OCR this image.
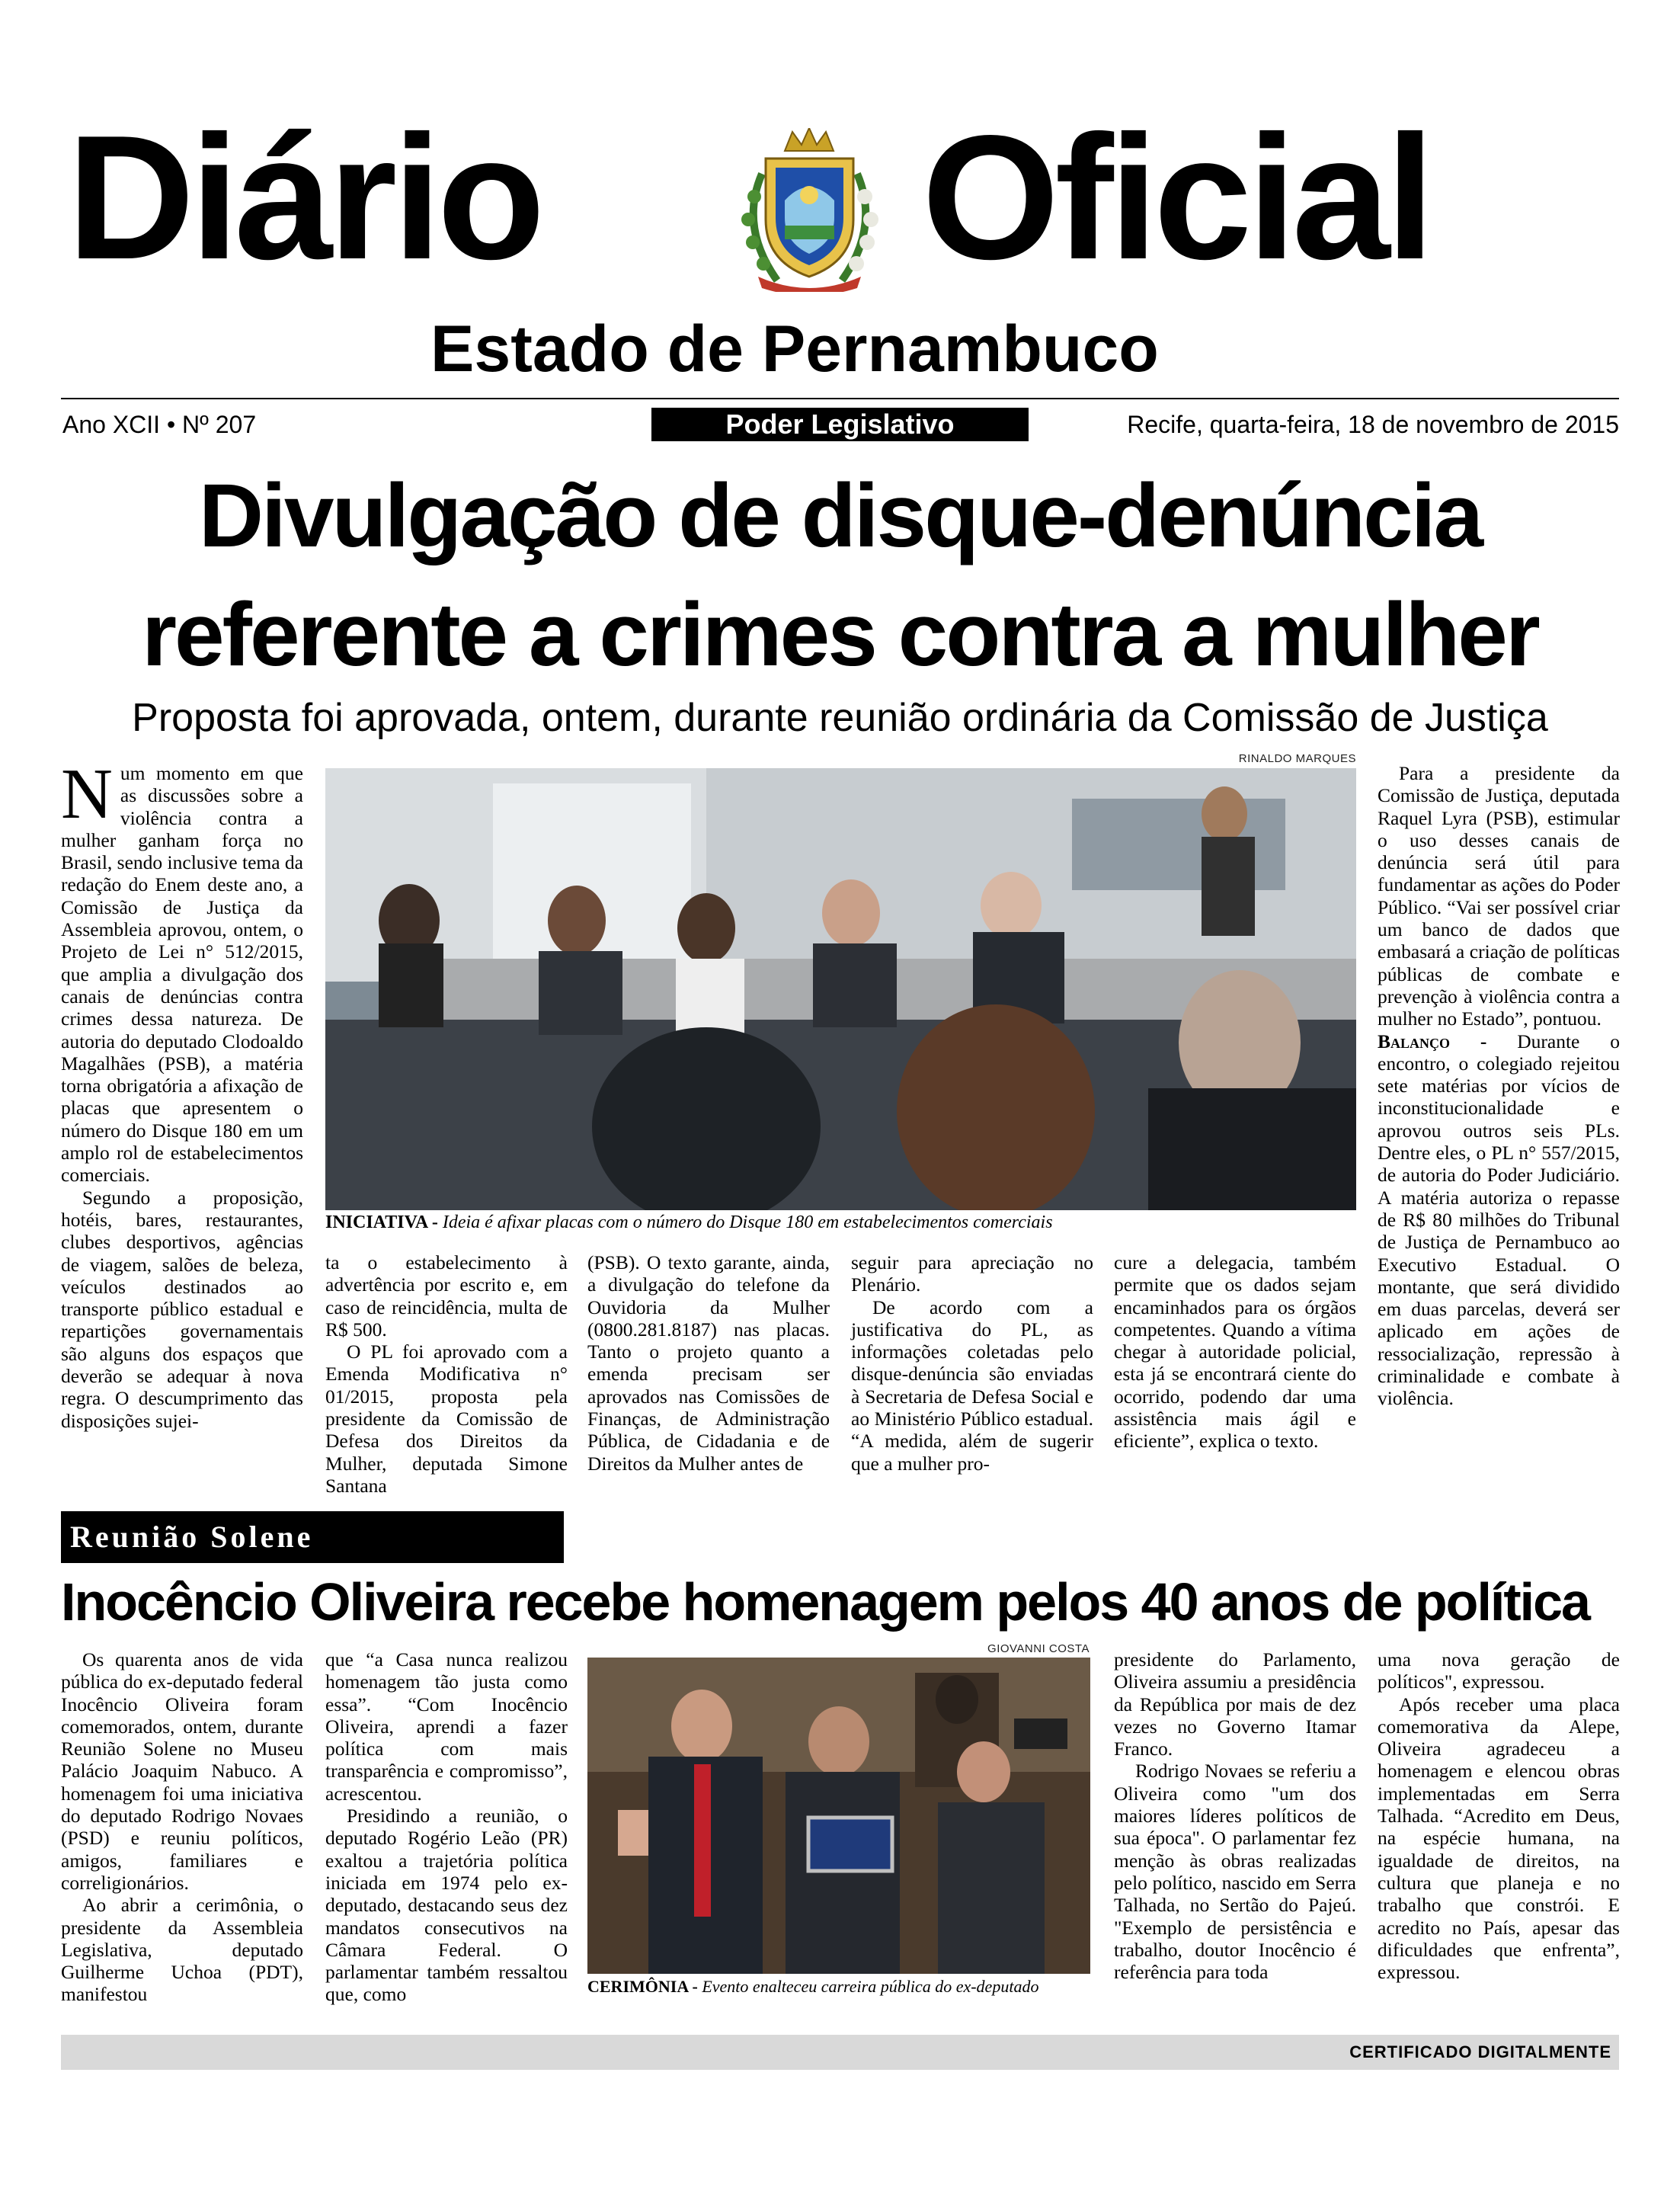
Diário Oficial
Estado de Pernambuco
Ano XCII • Nº 207	Poder Legislativo	Recife, quarta-feira, 18 de novembro de 2015
Divulgação de disque-denúncia
referente a crimes contra a mulher
Proposta foi aprovada, ontem, durante reunião ordinária da Comissão de Justiça
RINALDO MARQUES
INICIATIVA - Ideia é afixar placas com o número do Disque 180 em estabelecimentos comerciais

Num momento em que as discussões sobre a violência contra a mulher ganham força no Brasil, sendo inclusive tema da redação do Enem deste ano, a Comissão de Justiça da Assembleia aprovou, ontem, o Projeto de Lei n° 512/2015, que amplia a divulgação dos canais de denúncias contra crimes dessa natureza. De autoria do deputado Clodoaldo Magalhães (PSB), a matéria torna obrigatória a afixação de placas que apresentem o número do Disque 180 em um amplo rol de estabelecimentos comerciais.

Segundo a proposição, hotéis, bares, restaurantes, clubes desportivos, agências de viagem, salões de beleza, veículos destinados ao transporte público estadual e repartições governamentais são alguns dos espaços que deverão se adequar à nova regra. O descumprimento das disposições sujei-

ta o estabelecimento à advertência por escrito e, em caso de reincidência, multa de R$ 500.

O PL foi aprovado com a Emenda Modificativa n° 01/2015, proposta pela presidente da Comissão de Defesa dos Direitos da Mulher, deputada Simone Santana

(PSB). O texto garante, ainda, a divulgação do telefone da Ouvidoria da Mulher (0800.281.8187) nas placas. Tanto o projeto quanto a emenda precisam ser aprovados nas Comissões de Finanças, de Administração Pública, de Cidadania e de Direitos da Mulher antes de

seguir para apreciação no Plenário.

De acordo com a justificativa do PL, as informações coletadas pelo disque-denúncia são enviadas à Secretaria de Defesa Social e ao Ministério Público estadual. “A medida, além de sugerir que a mulher pro-

cure a delegacia, também permite que os dados sejam encaminhados para os órgãos competentes. Quando a vítima chegar à autoridade policial, esta já se encontrará ciente do ocorrido, podendo dar uma assistência mais ágil e eficiente”, explica o texto.

Para a presidente da Comissão de Justiça, deputada Raquel Lyra (PSB), estimular o uso desses canais de denúncia será útil para fundamentar as ações do Poder Público. “Vai ser possível criar um banco de dados que embasará a criação de políticas públicas de combate e prevenção à violência contra a mulher no Estado”, pontuou.

Balanço - Durante o encontro, o colegiado rejeitou sete matérias por vícios de inconstitucionalidade e aprovou outros seis PLs. Dentre eles, o PL n° 557/2015, de autoria do Poder Judiciário. A matéria autoriza o repasse de R$ 80 milhões do Tribunal de Justiça de Pernambuco ao Executivo Estadual. O montante, que será dividido em duas parcelas, deverá ser aplicado em ações de ressocialização, repressão à criminalidade e combate à violência.

Reunião Solene
Inocêncio Oliveira recebe homenagem pelos 40 anos de política

Os quarenta anos de vida pública do ex-deputado federal Inocêncio Oliveira foram comemorados, ontem, durante Reunião Solene no Museu Palácio Joaquim Nabuco. A homenagem foi uma iniciativa do deputado Rodrigo Novaes (PSD) e reuniu políticos, amigos, familiares e correligionários.

Ao abrir a cerimônia, o presidente da Assembleia Legislativa, deputado Guilherme Uchoa (PDT), manifestou

que “a Casa nunca realizou homenagem tão justa como essa”. “Com Inocêncio Oliveira, aprendi a fazer política com mais transparência e compromisso”, acrescentou.

Presidindo a reunião, o deputado Rogério Leão (PR) exaltou a trajetória política iniciada em 1974 pelo ex-deputado, destacando seus dez mandatos consecutivos na Câmara Federal. O parlamentar também ressaltou que, como

GIOVANNI COSTA
CERIMÔNIA - Evento enalteceu carreira pública do ex-deputado

presidente do Parlamento, Oliveira assumiu a presidência da República por mais de dez vezes no Governo Itamar Franco.

Rodrigo Novaes se referiu a Oliveira como "um dos maiores líderes políticos de sua época". O parlamentar fez menção às obras realizadas pelo político, nascido em Serra Talhada, no Sertão do Pajeú. "Exemplo de persistência e trabalho, doutor Inocêncio é referência para toda

uma nova geração de políticos", expressou.

Após receber uma placa comemorativa da Alepe, Oliveira agradeceu a homenagem e elencou obras implementadas em Serra Talhada. “Acredito em Deus, na espécie humana, na igualdade de direitos, na cultura que planeja e no trabalho que constrói. E acredito no País, apesar das dificuldades que enfrenta”, expressou.

CERTIFICADO DIGITALMENTE
